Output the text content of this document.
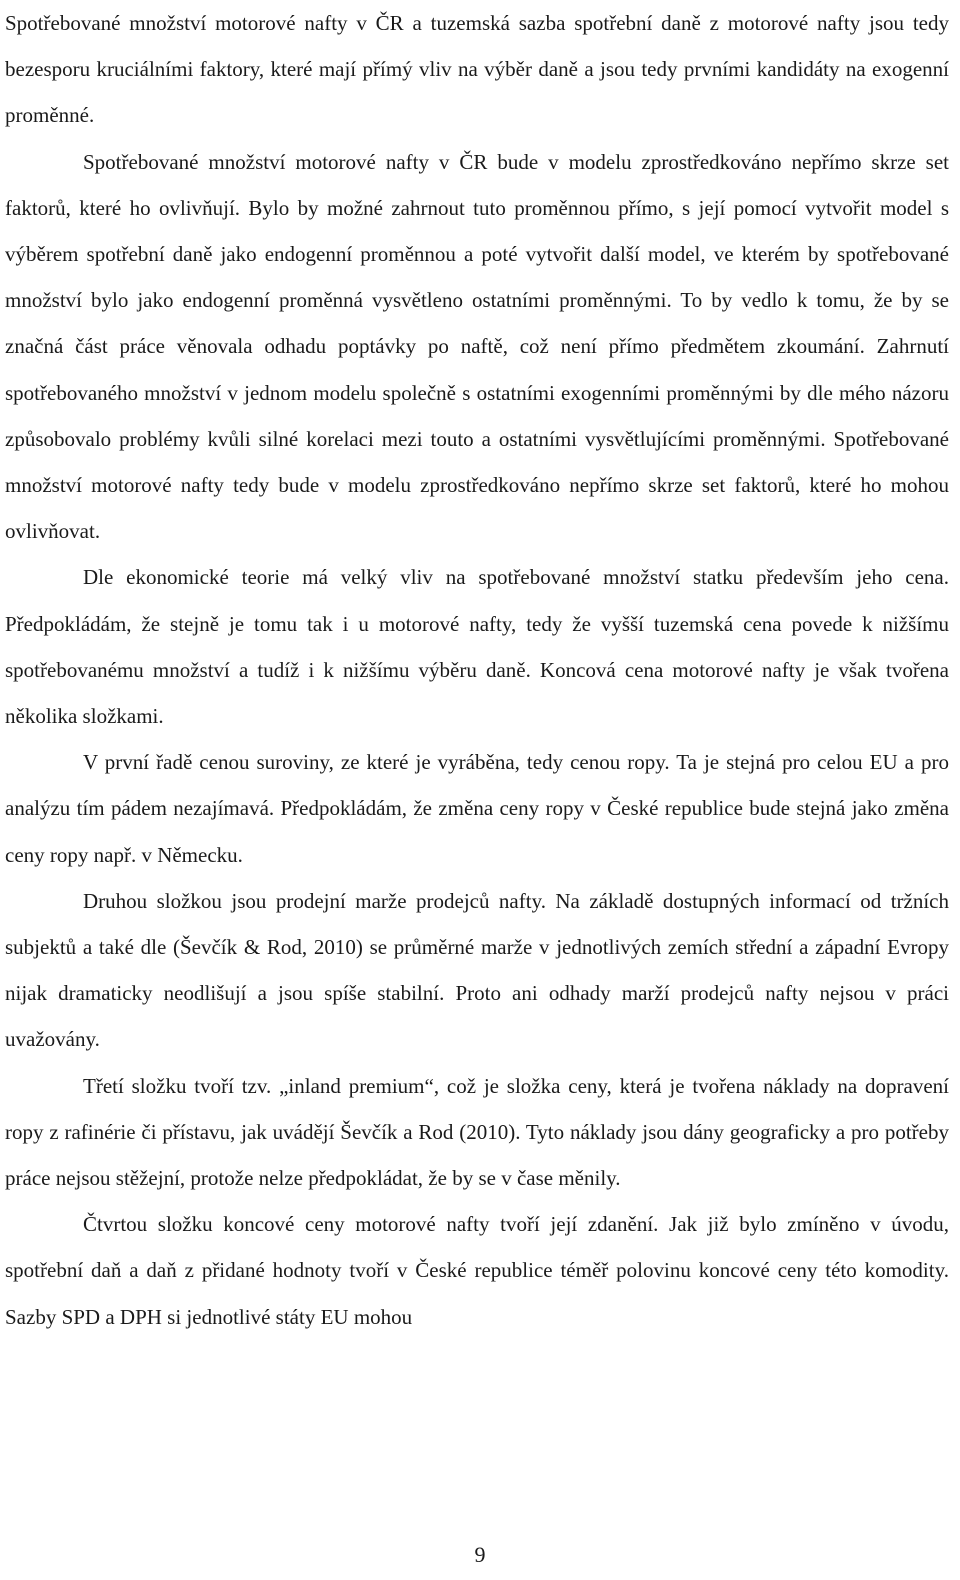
Spotřebované množství motorové nafty v ČR a tuzemská sazba spotřební daně z motorové nafty jsou tedy bezesporu kruciálními faktory, které mají přímý vliv na výběr daně a jsou tedy prvními kandidáty na exogenní proměnné.

Spotřebované množství motorové nafty v ČR bude v modelu zprostředkováno nepřímo skrze set faktorů, které ho ovlivňují. Bylo by možné zahrnout tuto proměnnou přímo, s její pomocí vytvořit model s výběrem spotřební daně jako endogenní proměnnou a poté vytvořit další model, ve kterém by spotřebované množství bylo jako endogenní proměnná vysvětleno ostatními proměnnými. To by vedlo k tomu, že by se značná část práce věnovala odhadu poptávky po naftě, což není přímo předmětem zkoumání. Zahrnutí spotřebovaného množství v jednom modelu společně s ostatními exogenními proměnnými by dle mého názoru způsobovalo problémy kvůli silné korelaci mezi touto a ostatními vysvětlujícími proměnnými. Spotřebované množství motorové nafty tedy bude v modelu zprostředkováno nepřímo skrze set faktorů, které ho mohou ovlivňovat.

Dle ekonomické teorie má velký vliv na spotřebované množství statku především jeho cena. Předpokládám, že stejně je tomu tak i u motorové nafty, tedy že vyšší tuzemská cena povede k nižšímu spotřebovanému množství a tudíž i k nižšímu výběru daně. Koncová cena motorové nafty je však tvořena několika složkami.

V první řadě cenou suroviny, ze které je vyráběna, tedy cenou ropy. Ta je stejná pro celou EU a pro analýzu tím pádem nezajímavá. Předpokládám, že změna ceny ropy v České republice bude stejná jako změna ceny ropy např. v Německu.

Druhou složkou jsou prodejní marže prodejců nafty. Na základě dostupných informací od tržních subjektů a také dle (Ševčík & Rod, 2010) se průměrné marže v jednotlivých zemích střední a západní Evropy nijak dramaticky neodlišují a jsou spíše stabilní. Proto ani odhady marží prodejců nafty nejsou v práci uvažovány.

Třetí složku tvoří tzv. „inland premium“, což je složka ceny, která je tvořena náklady na dopravení ropy z rafinérie či přístavu, jak uvádějí Ševčík a Rod (2010). Tyto náklady jsou dány geograficky a pro potřeby práce nejsou stěžejní, protože nelze předpokládat, že by se v čase měnily.

Čtvrtou složku koncové ceny motorové nafty tvoří její zdanění. Jak již bylo zmíněno v úvodu, spotřební daň a daň z přidané hodnoty tvoří v České republice téměř polovinu koncové ceny této komodity. Sazby SPD a DPH si jednotlivé státy EU mohou

9
